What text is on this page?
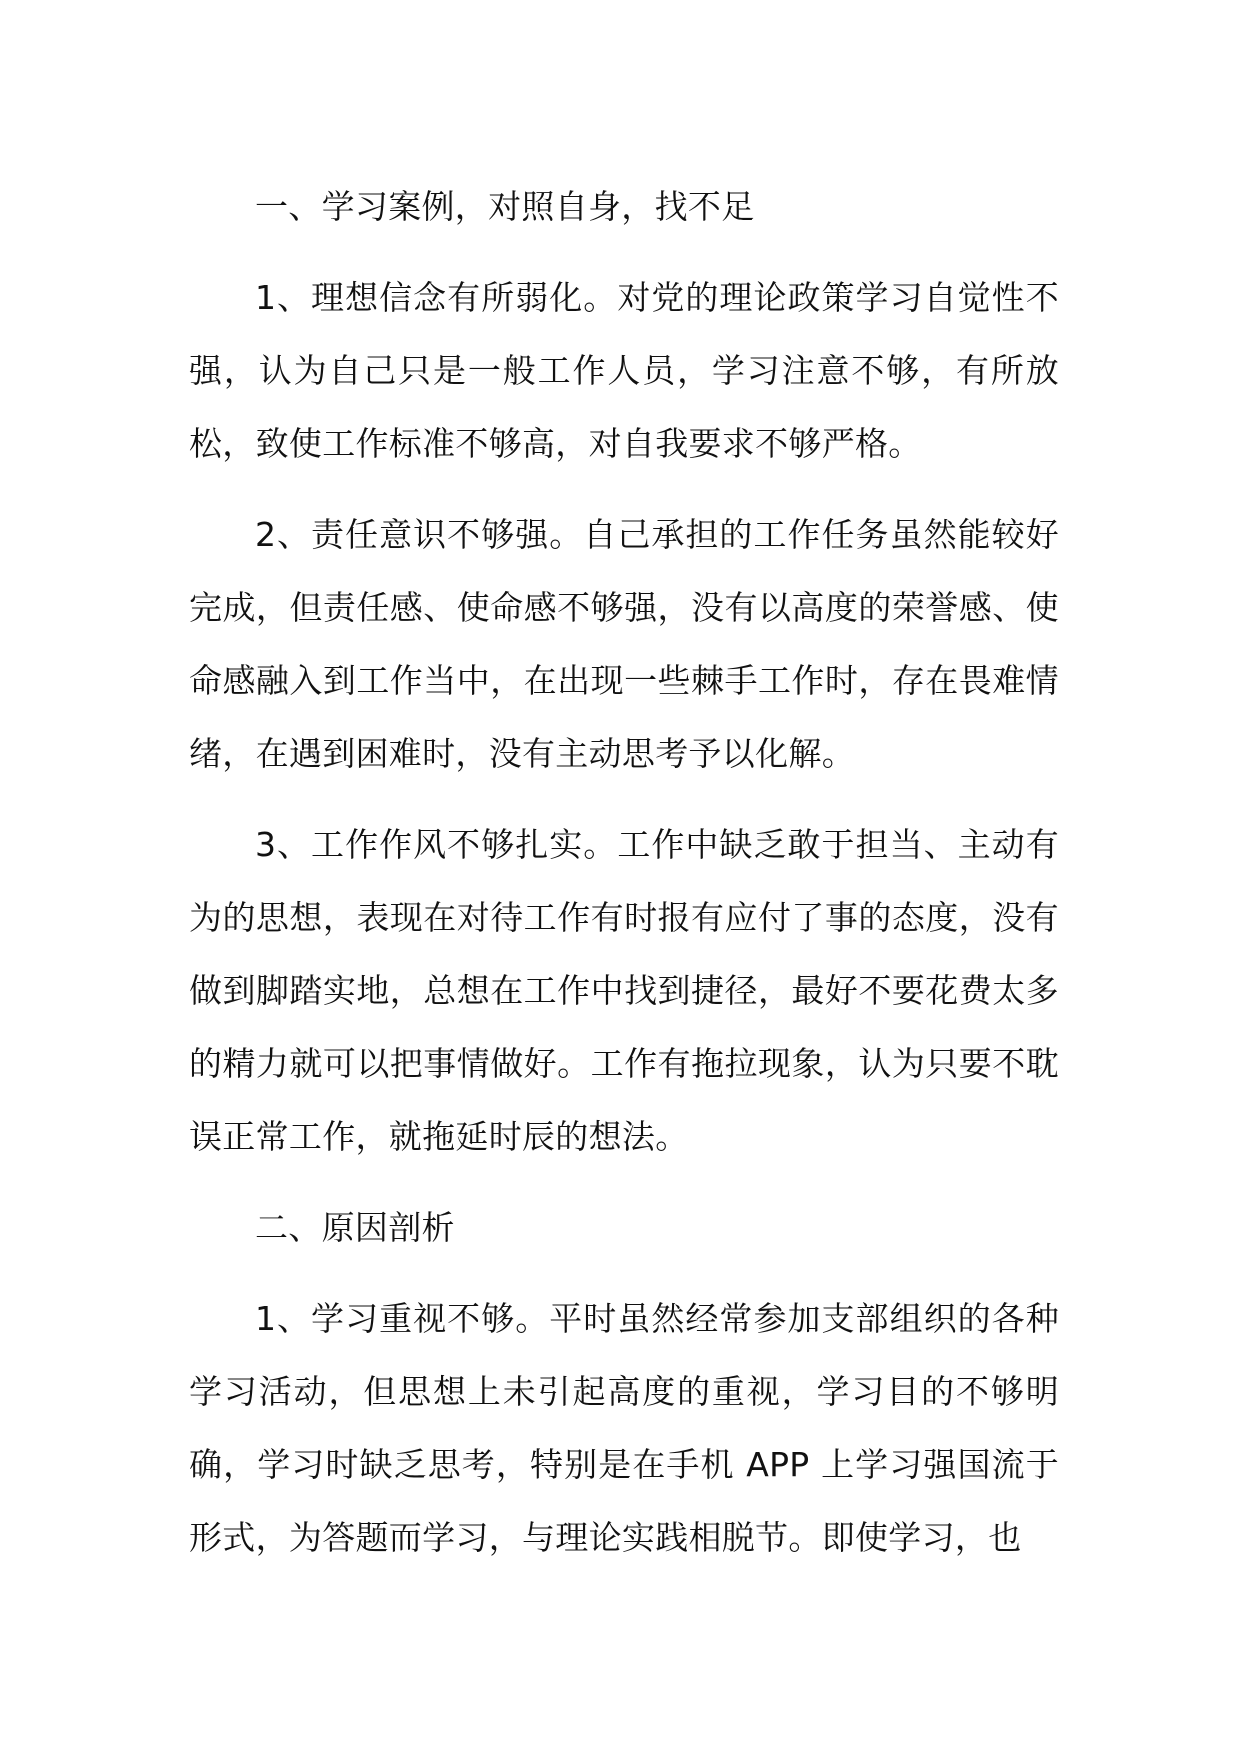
一、学习案例，对照自身，找不足
1、理想信念有所弱化。对党的理论政策学习自觉性不强，认为自己只是一般工作人员，学习注意不够，有所放松，致使工作标准不够高，对自我要求不够严格。
2、责任意识不够强。自己承担的工作任务虽然能较好完成，但责任感、使命感不够强，没有以高度的荣誉感、使命感融入到工作当中，在出现一些棘手工作时，存在畏难情绪，在遇到困难时，没有主动思考予以化解。
3、工作作风不够扎实。工作中缺乏敢于担当、主动有为的思想，表现在对待工作有时报有应付了事的态度，没有做到脚踏实地，总想在工作中找到捷径，最好不要花费太多的精力就可以把事情做好。工作有拖拉现象，认为只要不耽误正常工作，就拖延时辰的想法。
二、原因剖析
1、学习重视不够。平时虽然经常参加支部组织的各种学习活动，但思想上未引起高度的重视，学习目的不够明确，学习时缺乏思考，特别是在手机 APP 上学习强国流于形式，为答题而学习，与理论实践相脱节。即使学习，也
